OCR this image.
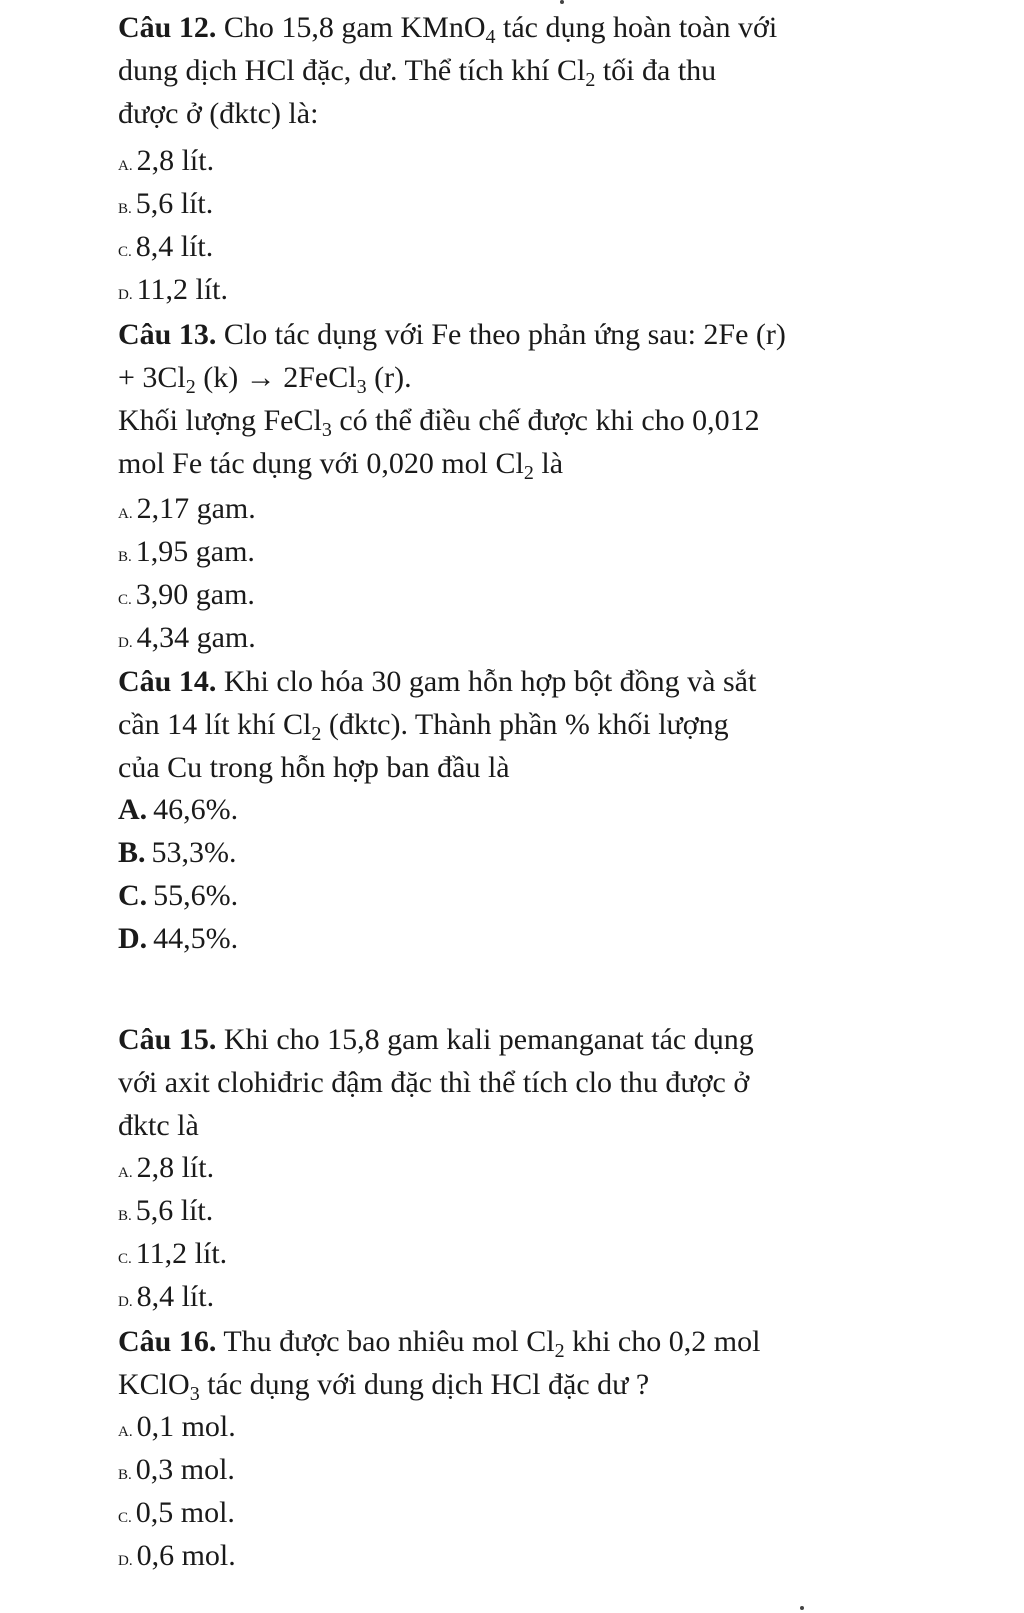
Câu 12. Cho 15,8 gam KMnO$_4$ tác dụng hoàn toàn với
dung dịch HCl đặc, dư. Thể tích khí $Cl_2$ tối đa thu
được ở (đktc) là:
A. 2,8 lít.
B. 5,6 lít.
C. 8,4 lít.
D. 11,2 lít.
Câu 13. Clo tác dụng với Fe theo phản ứng sau: 2Fe (r)
+ $3Cl_2$ (k) → 2FeCl$_3$ (r).
Khối lượng FeCl$_3$ có thể điều chế được khi cho 0,012
mol Fe tác dụng với 0,020 mol $Cl_2$ là
A. 2,17 gam.
B. 1,95 gam.
C. 3,90 gam.
D. 4,34 gam.
Câu 14. Khi clo hóa 30 gam hỗn hợp bột đồng và sắt
cần 14 lít khí $Cl_2$ (đktc). Thành phần % khối lượng
của Cu trong hỗn hợp ban đầu là
A. 46,6%.
B. 53,3%.
C. 55,6%.
D. 44,5%.
Câu 15. Khi cho 15,8 gam kali pemanganat tác dụng
với axit clohiđric đậm đặc thì thể tích clo thu được ở
đktc là
A. 2,8 lít.
B. 5,6 lít.
C. 11,2 lít.
D. 8,4 lít.
Câu 16. Thu được bao nhiêu mol $Cl_2$ khi cho 0,2 mol
KClO$_3$ tác dụng với dung dịch HCl đặc dư ?
A. 0,1 mol.
B. 0,3 mol.
C. 0,5 mol.
D. 0,6 mol.
